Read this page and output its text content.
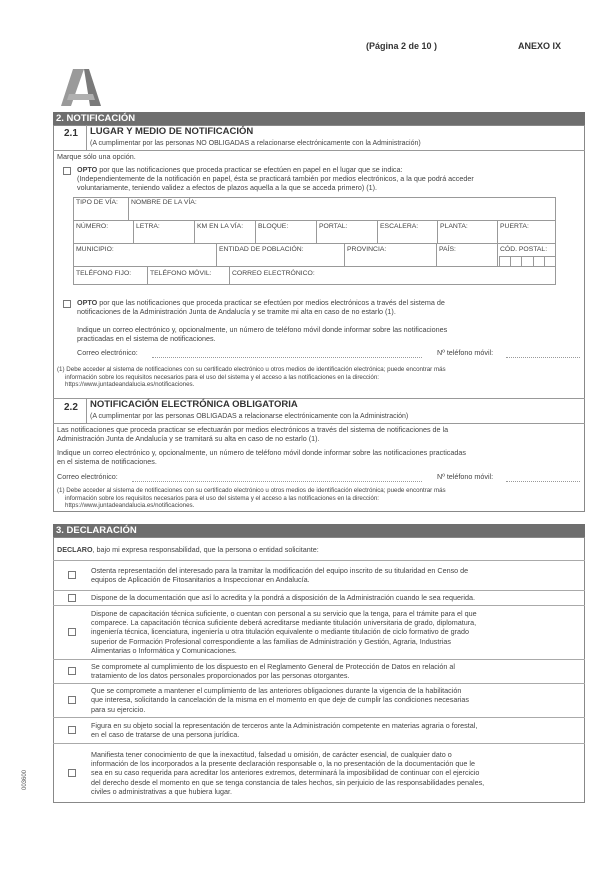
(Página 2 de 10 )	ANEXO IX
2. NOTIFICACIÓN
2.1 LUGAR Y MEDIO DE NOTIFICACIÓN
(A cumplimentar por las personas NO OBLIGADAS a relacionarse electrónicamente con la Administración)
Marque sólo una opción.
OPTO por que las notificaciones que proceda practicar se efectúen en papel en el lugar que se indica:
(Independientemente de la notificación en papel, ésta se practicará también por medios electrónicos, a la que podrá acceder
voluntariamente, teniendo validez a efectos de plazos aquella a la que se acceda primero) (1).
TIPO DE VÍA: NOMBRE DE LA VÍA:
NÚMERO:	LETRA:	KM EN LA VÍA: BLOQUE:	PORTAL:	ESCALERA:	PLANTA:	PUERTA:
MUNICIPIO:	ENTIDAD DE POBLACIÓN:	PROVINCIA:	PAÍS:	CÓD. POSTAL:
TELÉFONO FIJO:	TELÉFONO MÓVIL:	CORREO ELECTRÓNICO:
OPTO por que las notificaciones que proceda practicar se efectúen por medios electrónicos a través del sistema de
notificaciones de la Administración Junta de Andalucía y se tramite mi alta en caso de no estarlo (1).
Indique un correo electrónico y, opcionalmente, un número de teléfono móvil donde informar sobre las notificaciones
practicadas en el sistema de notificaciones.
Correo electrónico:	Nº teléfono móvil:
(1) Debe acceder al sistema de notificaciones con su certificado electrónico u otros medios de identificación electrónica; puede encontrar más
información sobre los requisitos necesarios para el uso del sistema y el acceso a las notificaciones en la dirección:
https://www.juntadeandalucia.es/notificaciones.
2.2 NOTIFICACIÓN ELECTRÓNICA OBLIGATORIA
(A cumplimentar por las personas OBLIGADAS a relacionarse electrónicamente con la Administración)
Las notificaciones que proceda practicar se efectuarán por medios electrónicos a través del sistema de notificaciones de la
Administración Junta de Andalucía y se tramitará su alta en caso de no estarlo (1).
Indique un correo electrónico y, opcionalmente, un número de teléfono móvil donde informar sobre las notificaciones practicadas
en el sistema de notificaciones.
Correo electrónico:	Nº teléfono móvil:
(1) Debe acceder al sistema de notificaciones con su certificado electrónico u otros medios de identificación electrónica; puede encontrar más
información sobre los requisitos necesarios para el uso del sistema y el acceso a las notificaciones en la dirección:
https://www.juntadeandalucia.es/notificaciones.
3. DECLARACIÓN
DECLARO, bajo mi expresa responsabilidad, que la persona o entidad solicitante:
Ostenta representación del interesado para la tramitar la modificación del equipo inscrito de su titularidad en Censo de
equipos de Aplicación de Fitosanitarios a Inspeccionar en Andalucía.
Dispone de la documentación que así lo acredita y la pondrá a disposición de la Administración cuando le sea requerida.
Dispone de capacitación técnica suficiente, o cuentan con personal a su servicio que la tenga, para el trámite para el que
comparece. La capacitación técnica suficiente deberá acreditarse mediante titulación universitaria de grado, diplomatura,
ingeniería técnica, licenciatura, ingeniería u otra titulación equivalente o mediante titulación de ciclo formativo de grado
superior de Formación Profesional correspondiente a las familias de Administración y Gestión, Agraria, Industrias
Alimentarias o Informática y Comunicaciones.
Se compromete al cumplimiento de los dispuesto en el Reglamento General de Protección de Datos en relación al
tratamiento de los datos personales proporcionados por las personas otorgantes.
Que se compromete a mantener el cumplimiento de las anteriores obligaciones durante la vigencia de la habilitación
que interesa, solicitando la cancelación de la misma en el momento en que deje de cumplir las condiciones necesarias
para su ejercicio.
Figura en su objeto social la representación de terceros ante la Administración competente en materias agraria o forestal,
en el caso de tratarse de una persona jurídica.
Manifiesta tener conocimiento de que la inexactitud, falsedad u omisión, de carácter esencial, de cualquier dato o
información de los incorporados a la presente declaración responsable o, la no presentación de la documentación que le
sea en su caso requerida para acreditar los anteriores extremos, determinará la imposibilidad de continuar con el ejercicio
del derecho desde el momento en que se tenga constancia de tales hechos, sin perjuicio de las responsabilidades penales,
civiles o administrativas a que hubiera lugar.
003600
